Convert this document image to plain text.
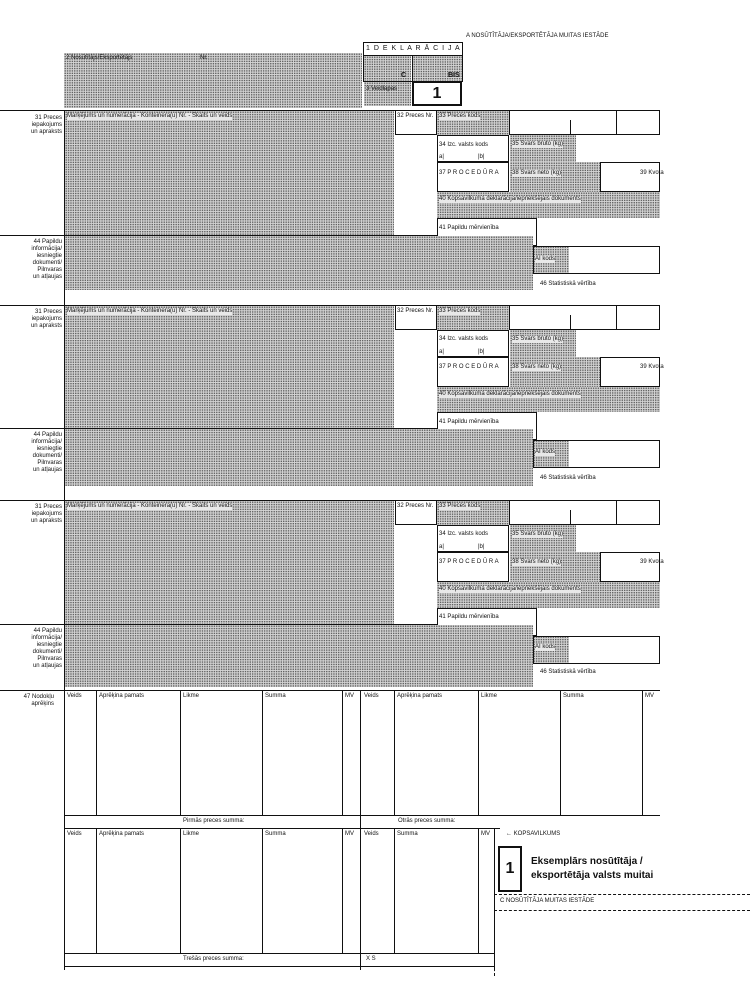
A NOSŪTĪTĀJA/EKSPORTĒTĀJA MUITAS IESTĀDE
1 D E K L A R Ā C I J A
C	BIS
3 Veidlapas	1
2 Nosūtītājs/Eksportētājs	Nr.
31 Preces
iepakojums
un apraksts
Marķējums un numerācija - Konteinera(u) Nr. - Skaits un veids	32 Preces Nr. 33 Preces kods
34 Izc. valsts kods
a|	|b|
35 Svars bruto (kg)
37 P R O C E D Ū R A 38 Svars neto (kg)	39 Kvota
40 Kopsavilkuma deklarācija/iepriekšējais dokuments
41 Papildu mērvienība
44 Papildu
informācija/
iesniegtie
dokumenti/
Pilnvaras
un atļaujas
AI kods
46 Statistiskā vērtība
31 Preces
iepakojums
un apraksts
Marķējums un numerācija - Konteinera(u) Nr. - Skaits un veids	32 Preces Nr. 33 Preces kods
34 Izc. valsts kods
a|	|b|
35 Svars bruto (kg)
37 P R O C E D Ū R A 38 Svars neto (kg)	39 Kvota
40 Kopsavilkuma deklarācija/iepriekšējais dokuments
41 Papildu mērvienība
44 Papildu
informācija/
iesniegtie
dokumenti/
Pilnvaras
un atļaujas
AI kods
46 Statistiskā vērtība
31 Preces
iepakojums
un apraksts
Marķējums un numerācija - Konteinera(u) Nr. - Skaits un veids	32 Preces Nr. 33 Preces kods
34 Izc. valsts kods
a|	|b|
35 Svars bruto (kg)
37 P R O C E D Ū R A 38 Svars neto (kg)	39 Kvota
40 Kopsavilkuma deklarācija/iepriekšējais dokuments
41 Papildu mērvienība
44 Papildu
informācija/
iesniegtie
dokumenti/
Pilnvaras
un atļaujas
AI kods
46 Statistiskā vērtība
47 Nodokļu
aprēķins
Veids	Aprēķina pamats	Likme	Summa	MV Veids	Aprēķina pamats	Likme	Summa	MV
Pirmās preces summa:	Otrās preces summa:
Veids	Aprēķina pamats	Likme	Summa	MV Veids	Summa	MV	← KOPSAVILKUMS
Trešās preces summa:	X S
1	Eksemplārs nosūtītāja /
eksportētāja valsts muitai
C NOSŪTĪTĀJA MUITAS IESTĀDE
